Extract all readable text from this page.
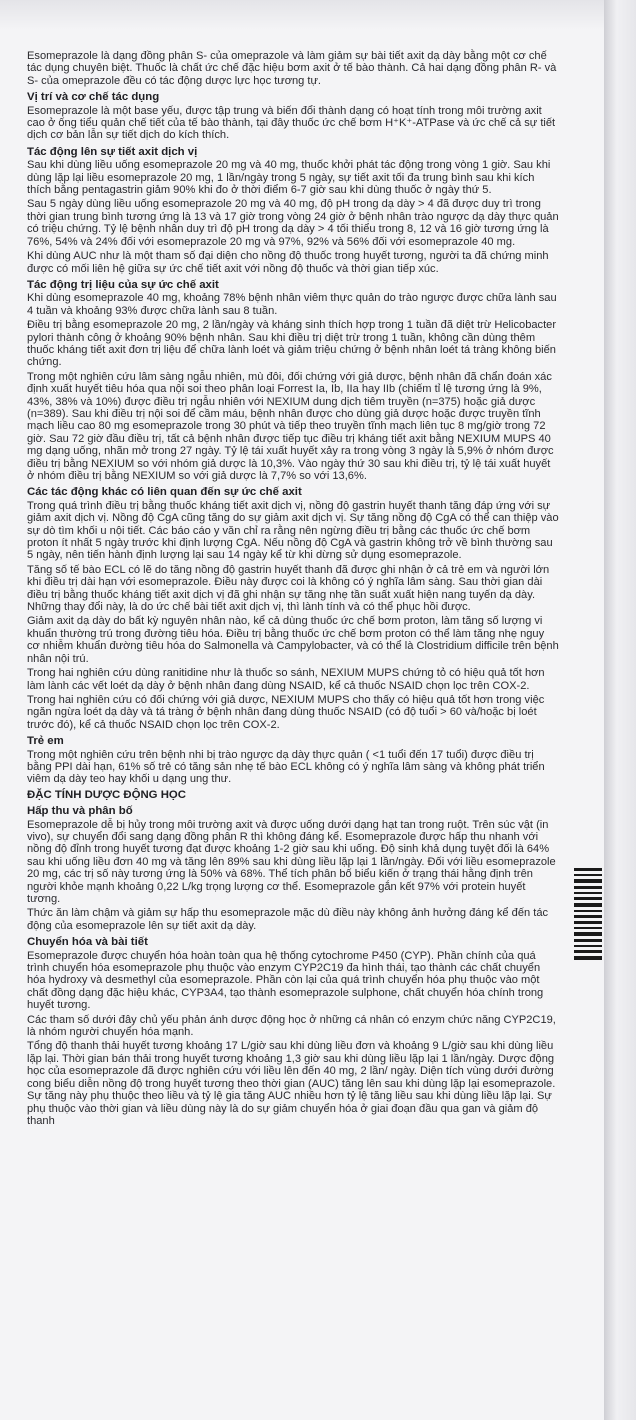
Esomeprazole là dạng đồng phân S- của omeprazole và làm giảm sự bài tiết axit dạ dày bằng một cơ chế tác dụng chuyên biệt. Thuốc là chất ức chế đặc hiệu bơm axit ở tế bào thành. Cả hai dạng đồng phân R- và S- của omeprazole đều có tác động dược lực học tương tự.

Vị trí và cơ chế tác dụng

Esomeprazole là một base yếu, được tập trung và biến đổi thành dạng có hoạt tính trong môi trường axit cao ở ống tiểu quản chế tiết của tế bào thành, tại đây thuốc ức chế bơm H⁺K⁺-ATPase và ức chế cả sự tiết dịch cơ bản lẫn sự tiết dịch do kích thích.

Tác động lên sự tiết axit dịch vị

Sau khi dùng liều uống esomeprazole 20 mg và 40 mg, thuốc khởi phát tác động trong vòng 1 giờ. Sau khi dùng lặp lại liều esomeprazole 20 mg, 1 lần/ngày trong 5 ngày, sự tiết axit tối đa trung bình sau khi kích thích bằng pentagastrin giảm 90% khi đo ở thời điểm 6-7 giờ sau khi dùng thuốc ở ngày thứ 5.

Sau 5 ngày dùng liều uống esomeprazole 20 mg và 40 mg, độ pH trong dạ dày > 4 đã được duy trì trong thời gian trung bình tương ứng là 13 và 17 giờ trong vòng 24 giờ ở bệnh nhân trào ngược dạ dày thực quản có triệu chứng. Tỷ lệ bệnh nhân duy trì độ pH trong dạ dày > 4 tối thiểu trong 8, 12 và 16 giờ tương ứng là 76%, 54% và 24% đối với esomeprazole 20 mg và 97%, 92% và 56% đối với esomeprazole 40 mg.

Khi dùng AUC như là một tham số đại diện cho nồng độ thuốc trong huyết tương, người ta đã chứng minh được có mối liên hệ giữa sự ức chế tiết axit với nồng độ thuốc và thời gian tiếp xúc.

Tác động trị liệu của sự ức chế axit

Khi dùng esomeprazole 40 mg, khoảng 78% bệnh nhân viêm thực quản do trào ngược được chữa lành sau 4 tuần và khoảng 93% được chữa lành sau 8 tuần.

Điều trị bằng esomeprazole 20 mg, 2 lần/ngày và kháng sinh thích hợp trong 1 tuần đã diệt trừ Helicobacter pylori thành công ở khoảng 90% bệnh nhân. Sau khi điều trị diệt trừ trong 1 tuần, không cần dùng thêm thuốc kháng tiết axit đơn trị liệu để chữa lành loét và giảm triệu chứng ở bệnh nhân loét tá tràng không biến chứng.

Trong một nghiên cứu lâm sàng ngẫu nhiên, mù đôi, đối chứng với giả dược, bệnh nhân đã chẩn đoán xác định xuất huyết tiêu hóa qua nội soi theo phân loại Forrest Ia, Ib, IIa hay IIb (chiếm tỉ lệ tương ứng là 9%, 43%, 38% và 10%) được điều trị ngẫu nhiên với NEXIUM dung dịch tiêm truyền (n=375) hoặc giả dược (n=389). Sau khi điều trị nội soi để cầm máu, bệnh nhân được cho dùng giả dược hoặc được truyền tĩnh mạch liều cao 80 mg esomeprazole trong 30 phút và tiếp theo truyền tĩnh mạch liên tục 8 mg/giờ trong 72 giờ. Sau 72 giờ đầu điều trị, tất cả bệnh nhân được tiếp tục điều trị kháng tiết axit bằng NEXIUM MUPS 40 mg dạng uống, nhãn mở trong 27 ngày. Tỷ lệ tái xuất huyết xảy ra trong vòng 3 ngày là 5,9% ở nhóm được điều trị bằng NEXIUM so với nhóm giả dược là 10,3%. Vào ngày thứ 30 sau khi điều trị, tỷ lệ tái xuất huyết ở nhóm điều trị bằng NEXIUM so với giả dược là 7,7% so với 13,6%.

Các tác động khác có liên quan đến sự ức chế axit

Trong quá trình điều trị bằng thuốc kháng tiết axit dịch vị, nồng độ gastrin huyết thanh tăng đáp ứng với sự giảm axit dịch vị. Nồng độ CgA cũng tăng do sự giảm axit dịch vị. Sự tăng nồng độ CgA có thể can thiệp vào sự dò tìm khối u nội tiết. Các báo cáo y văn chỉ ra rằng nên ngừng điều trị bằng các thuốc ức chế bơm proton ít nhất 5 ngày trước khi định lượng CgA. Nếu nồng độ CgA và gastrin không trở về bình thường sau 5 ngày, nên tiến hành định lượng lại sau 14 ngày kể từ khi dừng sử dụng esomeprazole.

Tăng số tế bào ECL có lẽ do tăng nồng độ gastrin huyết thanh đã được ghi nhận ở cả trẻ em và người lớn khi điều trị dài hạn với esomeprazole. Điều này được coi là không có ý nghĩa lâm sàng. Sau thời gian dài điều trị bằng thuốc kháng tiết axit dịch vị đã ghi nhận sự tăng nhẹ tần suất xuất hiện nang tuyến dạ dày. Những thay đổi này, là do ức chế bài tiết axit dịch vị, thì lành tính và có thể phục hồi được.

Giảm axit dạ dày do bất kỳ nguyên nhân nào, kể cả dùng thuốc ức chế bơm proton, làm tăng số lượng vi khuẩn thường trú trong đường tiêu hóa. Điều trị bằng thuốc ức chế bơm proton có thể làm tăng nhẹ nguy cơ nhiễm khuẩn đường tiêu hóa do Salmonella và Campylobacter, và có thể là Clostridium difficile trên bệnh nhân nội trú.

Trong hai nghiên cứu dùng ranitidine như là thuốc so sánh, NEXIUM MUPS chứng tỏ có hiệu quả tốt hơn làm lành các vết loét dạ dày ở bệnh nhân đang dùng NSAID, kể cả thuốc NSAID chọn lọc trên COX-2.

Trong hai nghiên cứu có đối chứng với giả dược, NEXIUM MUPS cho thấy có hiệu quả tốt hơn trong việc ngăn ngừa loét dạ dày và tá tràng ở bệnh nhân đang dùng thuốc NSAID (có độ tuổi > 60 và/hoặc bị loét trước đó), kể cả thuốc NSAID chọn lọc trên COX-2.

Trẻ em

Trong một nghiên cứu trên bệnh nhi bị trào ngược dạ dày thực quản ( <1 tuổi đến 17 tuổi) được điều trị bằng PPI dài hạn, 61% số trẻ có tăng sản nhẹ tế bào ECL không có ý nghĩa lâm sàng và không phát triển viêm dạ dày teo hay khối u dạng ung thư.

ĐẶC TÍNH DƯỢC ĐỘNG HỌC
Hấp thu và phân bố

Esomeprazole dễ bị hủy trong môi trường axit và được uống dưới dạng hạt tan trong ruột. Trên súc vật (in vivo), sự chuyển đổi sang dạng đồng phân R thì không đáng kể. Esomeprazole được hấp thu nhanh với nồng độ đỉnh trong huyết tương đạt được khoảng 1-2 giờ sau khi uống. Độ sinh khả dụng tuyệt đối là 64% sau khi uống liều đơn 40 mg và tăng lên 89% sau khi dùng liều lặp lại 1 lần/ngày. Đối với liều esomeprazole 20 mg, các trị số này tương ứng là 50% và 68%. Thể tích phân bố biểu kiến ở trạng thái hằng định trên người khỏe mạnh khoảng 0,22 L/kg trọng lượng cơ thể. Esomeprazole gắn kết 97% với protein huyết tương.

Thức ăn làm chậm và giảm sự hấp thu esomeprazole mặc dù điều này không ảnh hưởng đáng kể đến tác động của esomeprazole lên sự tiết axit dạ dày.

Chuyển hóa và bài tiết

Esomeprazole được chuyển hóa hoàn toàn qua hệ thống cytochrome P450 (CYP). Phần chính của quá trình chuyển hóa esomeprazole phụ thuộc vào enzym CYP2C19 đa hình thái, tạo thành các chất chuyển hóa hydroxy và desmethyl của esomeprazole. Phần còn lại của quá trình chuyển hóa phụ thuộc vào một chất đồng dạng đặc hiệu khác, CYP3A4, tạo thành esomeprazole sulphone, chất chuyển hóa chính trong huyết tương.

Các tham số dưới đây chủ yếu phản ánh dược động học ở những cá nhân có enzym chức năng CYP2C19, là nhóm người chuyển hóa mạnh.

Tổng độ thanh thải huyết tương khoảng 17 L/giờ sau khi dùng liều đơn và khoảng 9 L/giờ sau khi dùng liều lặp lại. Thời gian bán thải trong huyết tương khoảng 1,3 giờ sau khi dùng liều lặp lại 1 lần/ngày. Dược động học của esomeprazole đã được nghiên cứu với liều lên đến 40 mg, 2 lần/ ngày. Diện tích vùng dưới đường cong biểu diễn nồng độ trong huyết tương theo thời gian (AUC) tăng lên sau khi dùng lặp lại esomeprazole. Sự tăng này phụ thuộc theo liều và tỷ lệ gia tăng AUC nhiều hơn tỷ lệ tăng liều sau khi dùng liều lặp lại. Sự phụ thuộc vào thời gian và liều dùng này là do sự giảm chuyển hóa ở giai đoạn đầu qua gan và giảm độ thanh
